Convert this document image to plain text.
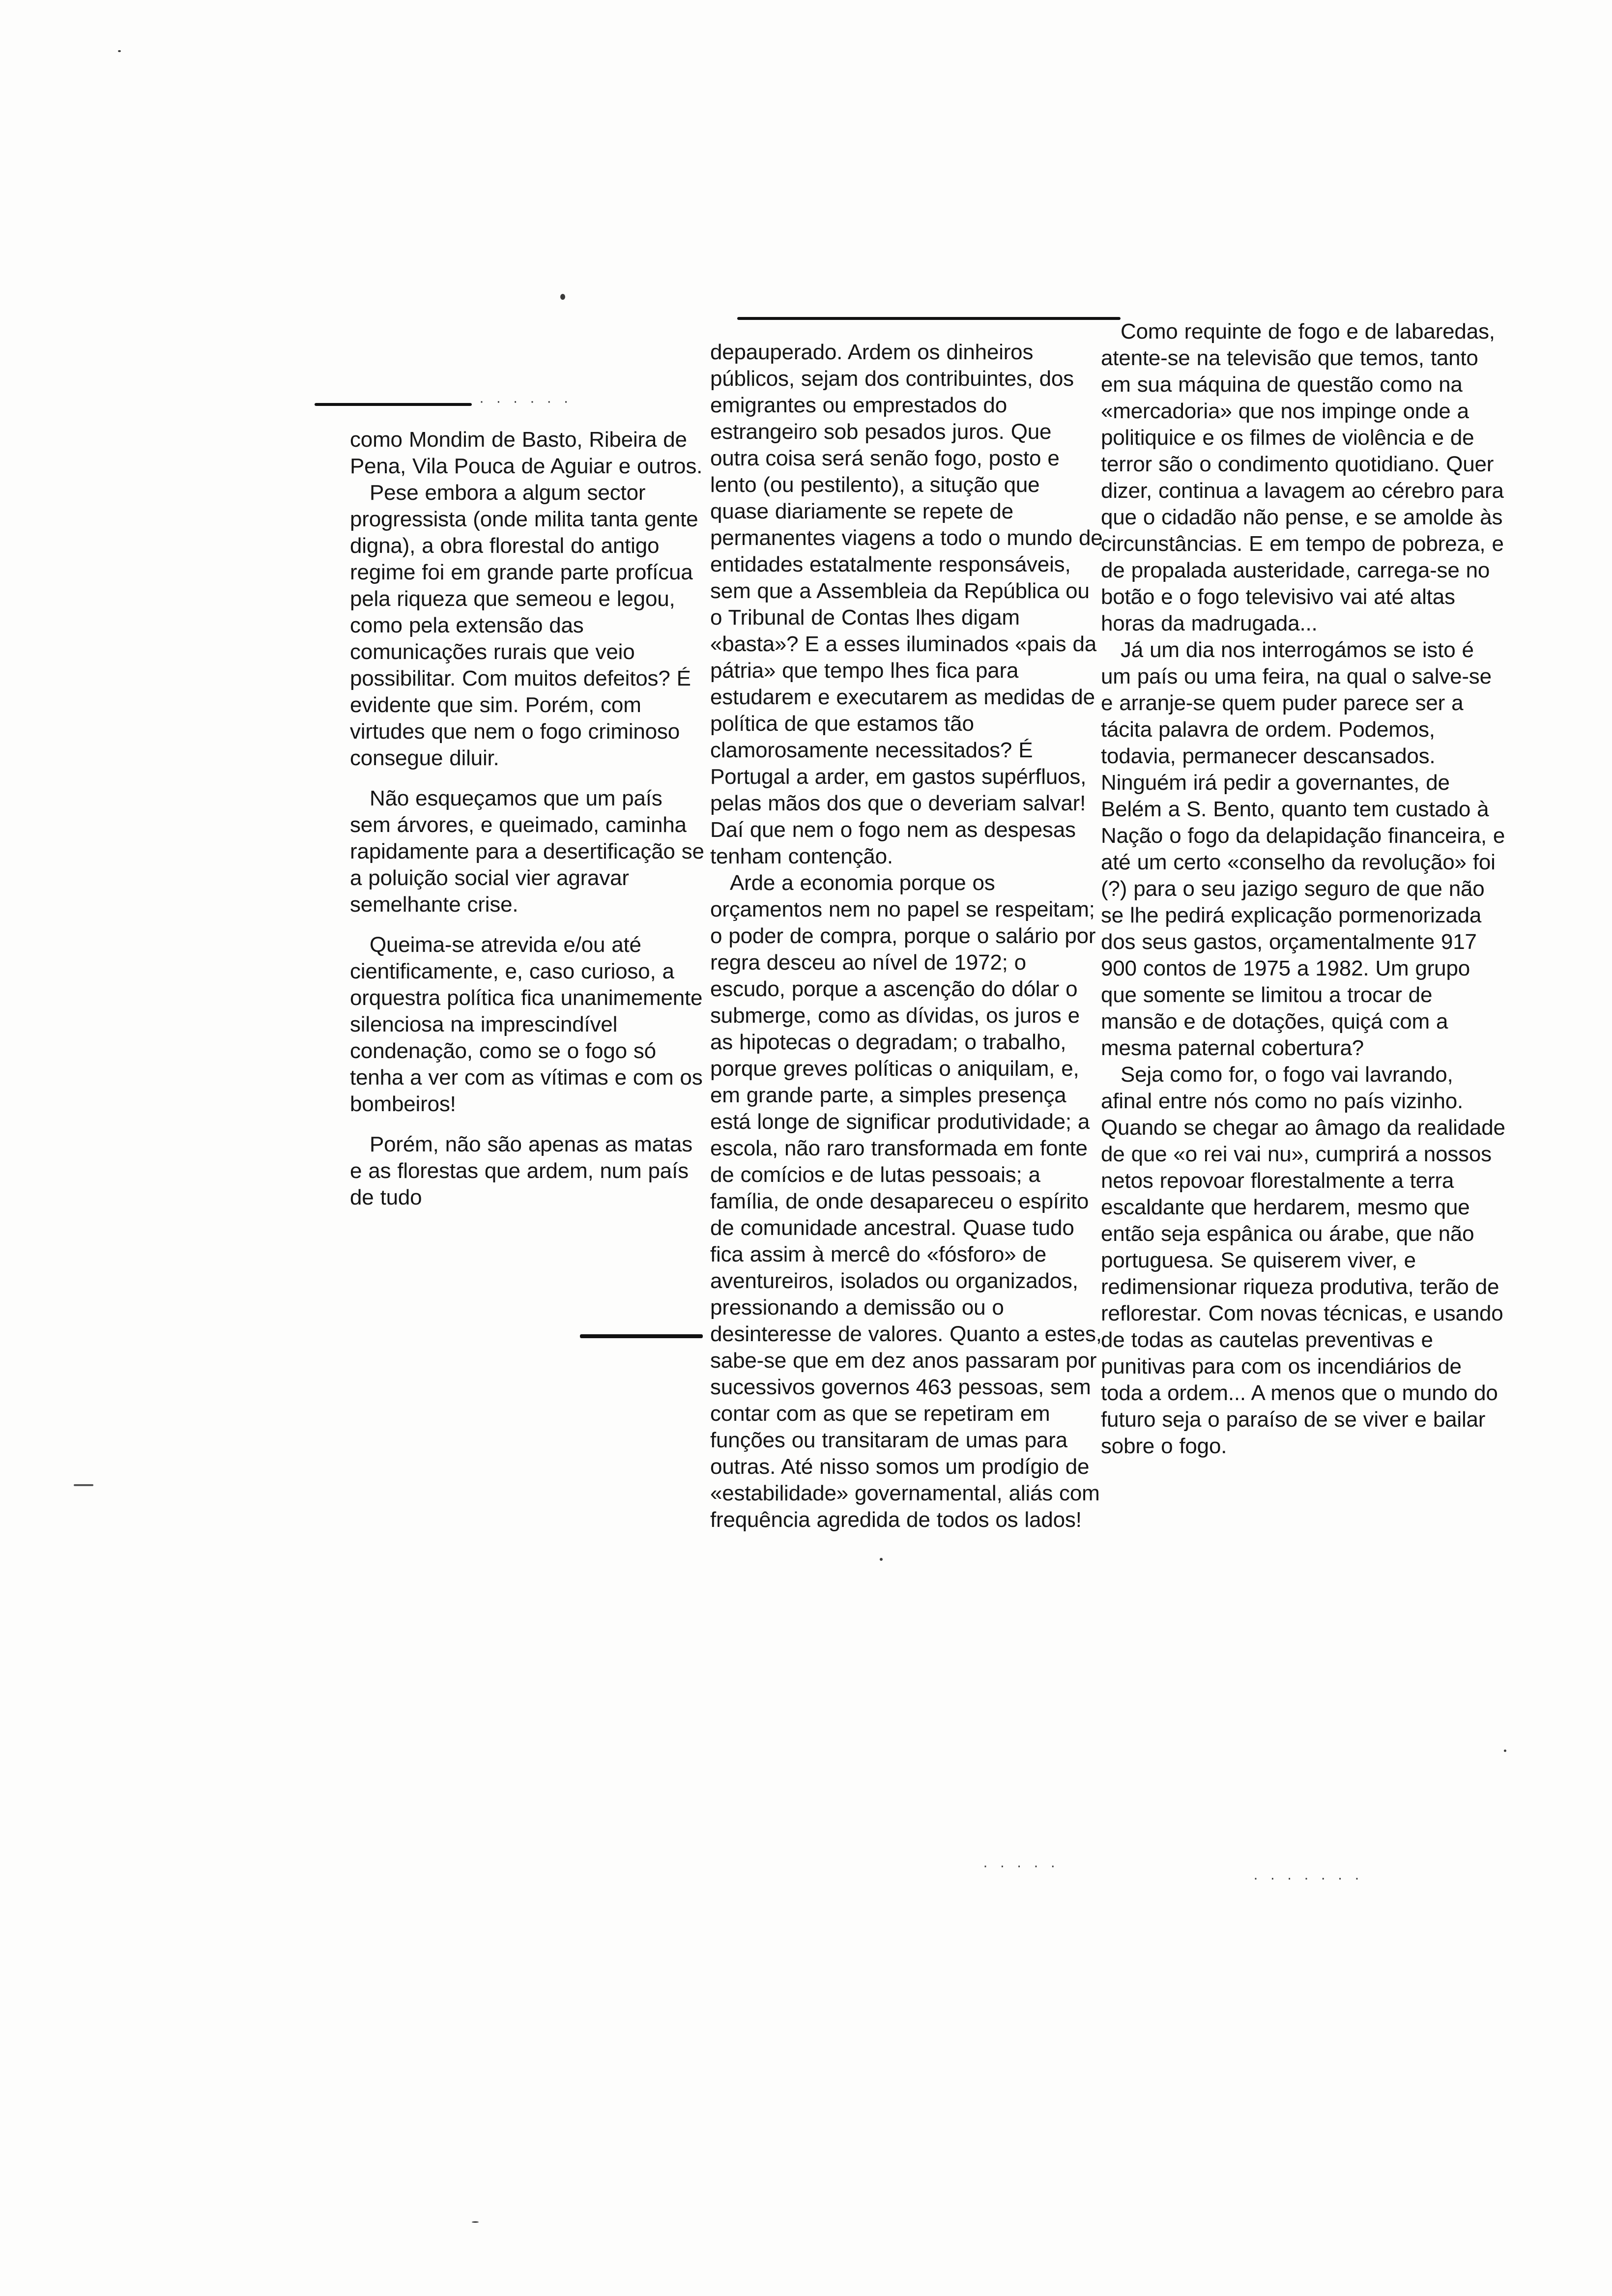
· · · · · ·
· · · · ·
· · · · · · ·

como Mondim de Basto, Ribeira de Pena, Vila Pouca de Aguiar e outros.

Pese embora a algum sector progressista (onde milita tanta gente digna), a obra florestal do antigo regime foi em grande parte profícua pela riqueza que semeou e legou, como pela extensão das comunicações rurais que veio possibilitar. Com muitos defeitos? É evidente que sim. Porém, com virtudes que nem o fogo criminoso consegue diluir.

Não esqueçamos que um país sem árvores, e queimado, caminha rapidamente para a desertificação se a poluição social vier agravar semelhante crise.

Queima-se atrevida e/ou até cientificamente, e, caso curioso, a orquestra política fica unanimemente silenciosa na imprescindível condenação, como se o fogo só tenha a ver com as vítimas e com os bombeiros!

Porém, não são apenas as matas e as florestas que ardem, num país de tudo

depauperado. Ardem os dinheiros públicos, sejam dos contribuintes, dos emigrantes ou emprestados do estrangeiro sob pesados juros. Que outra coisa será senão fogo, posto e lento (ou pestilento), a situção que quase diariamente se repete de permanentes viagens a todo o mundo de entidades estatalmente responsáveis, sem que a Assembleia da República ou o Tribunal de Contas lhes digam «basta»? E a esses iluminados «pais da pátria» que tempo lhes fica para estudarem e executarem as medidas de política de que estamos tão clamorosamente necessitados? É Portugal a arder, em gastos supérfluos, pelas mãos dos que o deveriam salvar! Daí que nem o fogo nem as despesas tenham contenção.

Arde a economia porque os orçamentos nem no papel se respeitam; o poder de compra, porque o salário por regra desceu ao nível de 1972; o escudo, porque a ascenção do dólar o submerge, como as dívidas, os juros e as hipotecas o degradam; o trabalho, porque greves políticas o aniquilam, e, em grande parte, a simples presença está longe de significar produtividade; a escola, não raro transformada em fonte de comícios e de lutas pessoais; a família, de onde desapareceu o espírito de comunidade ancestral. Quase tudo fica assim à mercê do «fósforo» de aventureiros, isolados ou organizados, pressionando a demissão ou o desinteresse de valores. Quanto a estes, sabe-se que em dez anos passaram por sucessivos governos 463 pessoas, sem contar com as que se repetiram em funções ou transitaram de umas para outras. Até nisso somos um prodígio de «estabilidade» governamental, aliás com frequência agredida de todos os lados!

Como requinte de fogo e de labaredas, atente-se na televisão que temos, tanto em sua máquina de questão como na «mercadoria» que nos impinge onde a politiquice e os filmes de violência e de terror são o condimento quotidiano. Quer dizer, continua a lavagem ao cérebro para que o cidadão não pense, e se amolde às circunstâncias. E em tempo de pobreza, e de propalada austeridade, carrega-se no botão e o fogo televisivo vai até altas horas da madrugada...

Já um dia nos interrogámos se isto é um país ou uma feira, na qual o salve-se e arranje-se quem puder parece ser a tácita palavra de ordem. Podemos, todavia, permanecer descansados. Ninguém irá pedir a governantes, de Belém a S. Bento, quanto tem custado à Nação o fogo da delapidação financeira, e até um certo «conselho da revolução» foi (?) para o seu jazigo seguro de que não se lhe pedirá explicação pormenorizada dos seus gastos, orçamentalmente 917 900 contos de 1975 a 1982. Um grupo que somente se limitou a trocar de mansão e de dotações, quiçá com a mesma paternal cobertura?

Seja como for, o fogo vai lavrando, afinal entre nós como no país vizinho. Quando se chegar ao âmago da realidade de que «o rei vai nu», cumprirá a nossos netos repovoar florestalmente a terra escaldante que herdarem, mesmo que então seja espânica ou árabe, que não portuguesa. Se quiserem viver, e redimensionar riqueza produtiva, terão de reflorestar. Com novas técnicas, e usando de todas as cautelas preventivas e punitivas para com os incendiários de toda a ordem... A menos que o mundo do futuro seja o paraíso de se viver e bailar sobre o fogo.
